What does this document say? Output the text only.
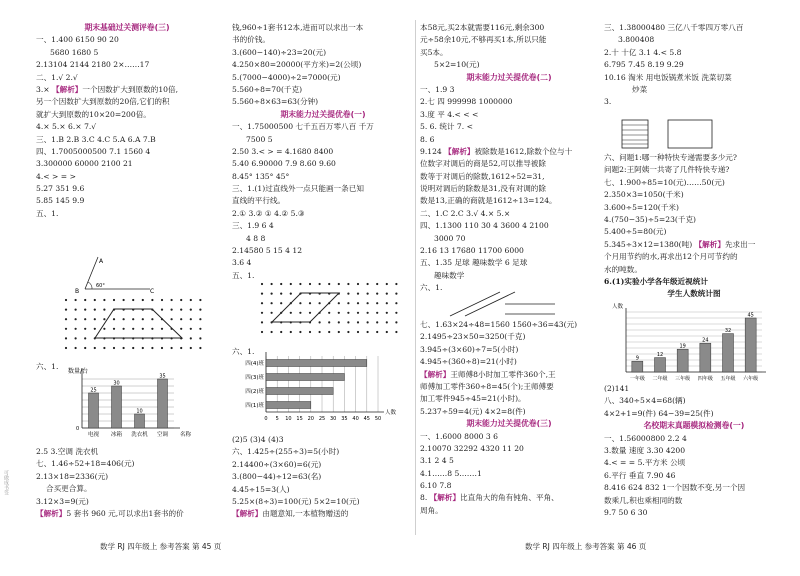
期末基础过关测评卷(三)
一、1.400 6150 90 20
5680 1680 5
2.13104 2144 2180 2×……17
二、1.√ 2.√
3.× 【解析】一个因数扩大到原数的10倍,
另一个因数扩大到原数的20倍,它们的积
就扩大到原数的10×20=200倍。
4.× 5.× 6.× 7.√
三、1.B 2.B 3.C 4.C 5.A 6.A 7.B
四、1.7005000500 7.1 1560 4
3.300000 60000 2100 21
4.< > = >
5.27 351 9.6
5.85 145 9.9
五、1.
60°
B
A
C
六、1.
数量/台
0
25
电视
30
冰箱
10
洗衣机
35
空调 名称
2.5 3.空调 洗衣机
七、1.46÷52+18=406(元)
2.13×18=2336(元)
合买更合算。
3.12×3=9(元)
【解析】5 套书 960 元,可以求出1套书的价
钱,960÷1套书12本,进而可以求出一本
书的价钱。
3.(600−140)÷23=20(元)
4.250×80=20000(平方米)=2(公顷)
5.(7000−4000)÷2=7000(元)
5.560÷8=70(千克)
5.560÷8×63=63(分钟)
期末能力过关提优卷(一)
一、1.75000500 七千五百万零八百 千万
7500 5
2.50 3.< > = 4.1680 8400
5.40 6.90000 7.9 8.60 9.60
8.45° 135° 45°
三、1.(1)过直线外一点只能画一条已知
直线的平行线。
2.① 3.② ① 4.② 5.③
三、1.9 6 4
4 8 8
2.14580 5 15 4 12
3.6 4
五、1.
六、1.
0 5 10 15 20 25 30 35 40 45 50
四(4)班
四(3)班
四(2)班
四(1)班
人数
(2)5 (3)4 (4)3
六、1.425÷(255÷3)=5(小时)
2.14400÷(3×60)=6(元)
3.(800−44)÷12=63(名)
4.45÷15=3(人)
5.25×(8÷3)=100(元) 5×2=10(元)
【解析】由题意知,一本植物赠送的
本58元,买2本就需要116元,剩余300
元÷58余10元,不够再买1本,所以只能
买5本。
5×2=10(元)
期末能力过关提优卷(二)
一、1.9 3
2.七 四 999998 1000000
3.度 平 4.< < <
5. 6. 统计 7. <
8. 6
9.124 【解析】被除数是1612,除数个位与十
位数字对调后的商是52,可以推导被除
数等于对调后的除数,1612÷52=31,
说明对调后的除数是31,没有对调的除
数是13,正确的商就是1612÷13=124。
二、1.C 2.C 3.√ 4.× 5.×
四、1.1300 110 30 4 3600 4 2100
3000 70
2.16 13 17680 11700 6000
五、1.35 足球 趣味数学 6 足球
趣味数学
六、1.
七、1.63×24÷48=1560 1560÷36=43(元)
2.1495÷23×50=3250(千克)
3.945÷(3×60)÷7=5(小时)
4.945÷(360÷8)=21(小时)
【解析】王师傅8小时加工零件360个,王
师傅加工零件360÷8=45(个);王师傅要
加工零件945÷45=21(小时)。
5.237÷59=4(元) 4×2=8(件)
期末能力过关提优卷(三)
一、1.6000 8000 3 6
2.10070 32292 4320 11 20
3.1 2 4 5
4.1……8 5.……1
6.10 7.8
8. 【解析】比直角大的角有钝角、平角、
周角。
三、1.38000480 三亿八千零四万零八百
3.800408
2.十 十亿 3.1 4.< 5.8
6.795 7.45 8.19 9.29
10.16 淘米 用电饭锅煮米饭 洗菜切菜
炒菜
3.
六、问题1:哪一种特快专递需要多少元?
问题2:王阿姨一共寄了几件特快专递?
七、1.900÷85=10(元)……50(元)
2.350×3=1050(千米)
3.600÷5=120(千米)
4.(750−35)÷5=23(千克)
5.400÷5=80(元)
5.345÷3×12=1380(吨) 【解析】先求出一
个月用节约的水,再求出12个月可节约的
水的吨数。
6.(1)实验小学各年级近视统计
学生人数统计图
人数
9
一年级
12
二年级
19
三年级
24
四年级
32
五年级
45
六年级
(2)141
八、340÷5×4=68(辆)
4×2+1=9(件) 64−39=25(件)
名校期末真题模拟检测卷(一)
一、1.56000800 2.2 4
3.数量 速度 3.30 4200
4.< = = 5.平方米 公顷
6.平行 垂直 7.90 46
8.416 624 832 1一个因数不变,另一个因
数乘几,积也乘相同的数
9.7 50 6 30
数学 RJ 四年级上 参考答案 第 45 页	数学 RJ 四年级上 参考答案 第 46 页
可做成书签
